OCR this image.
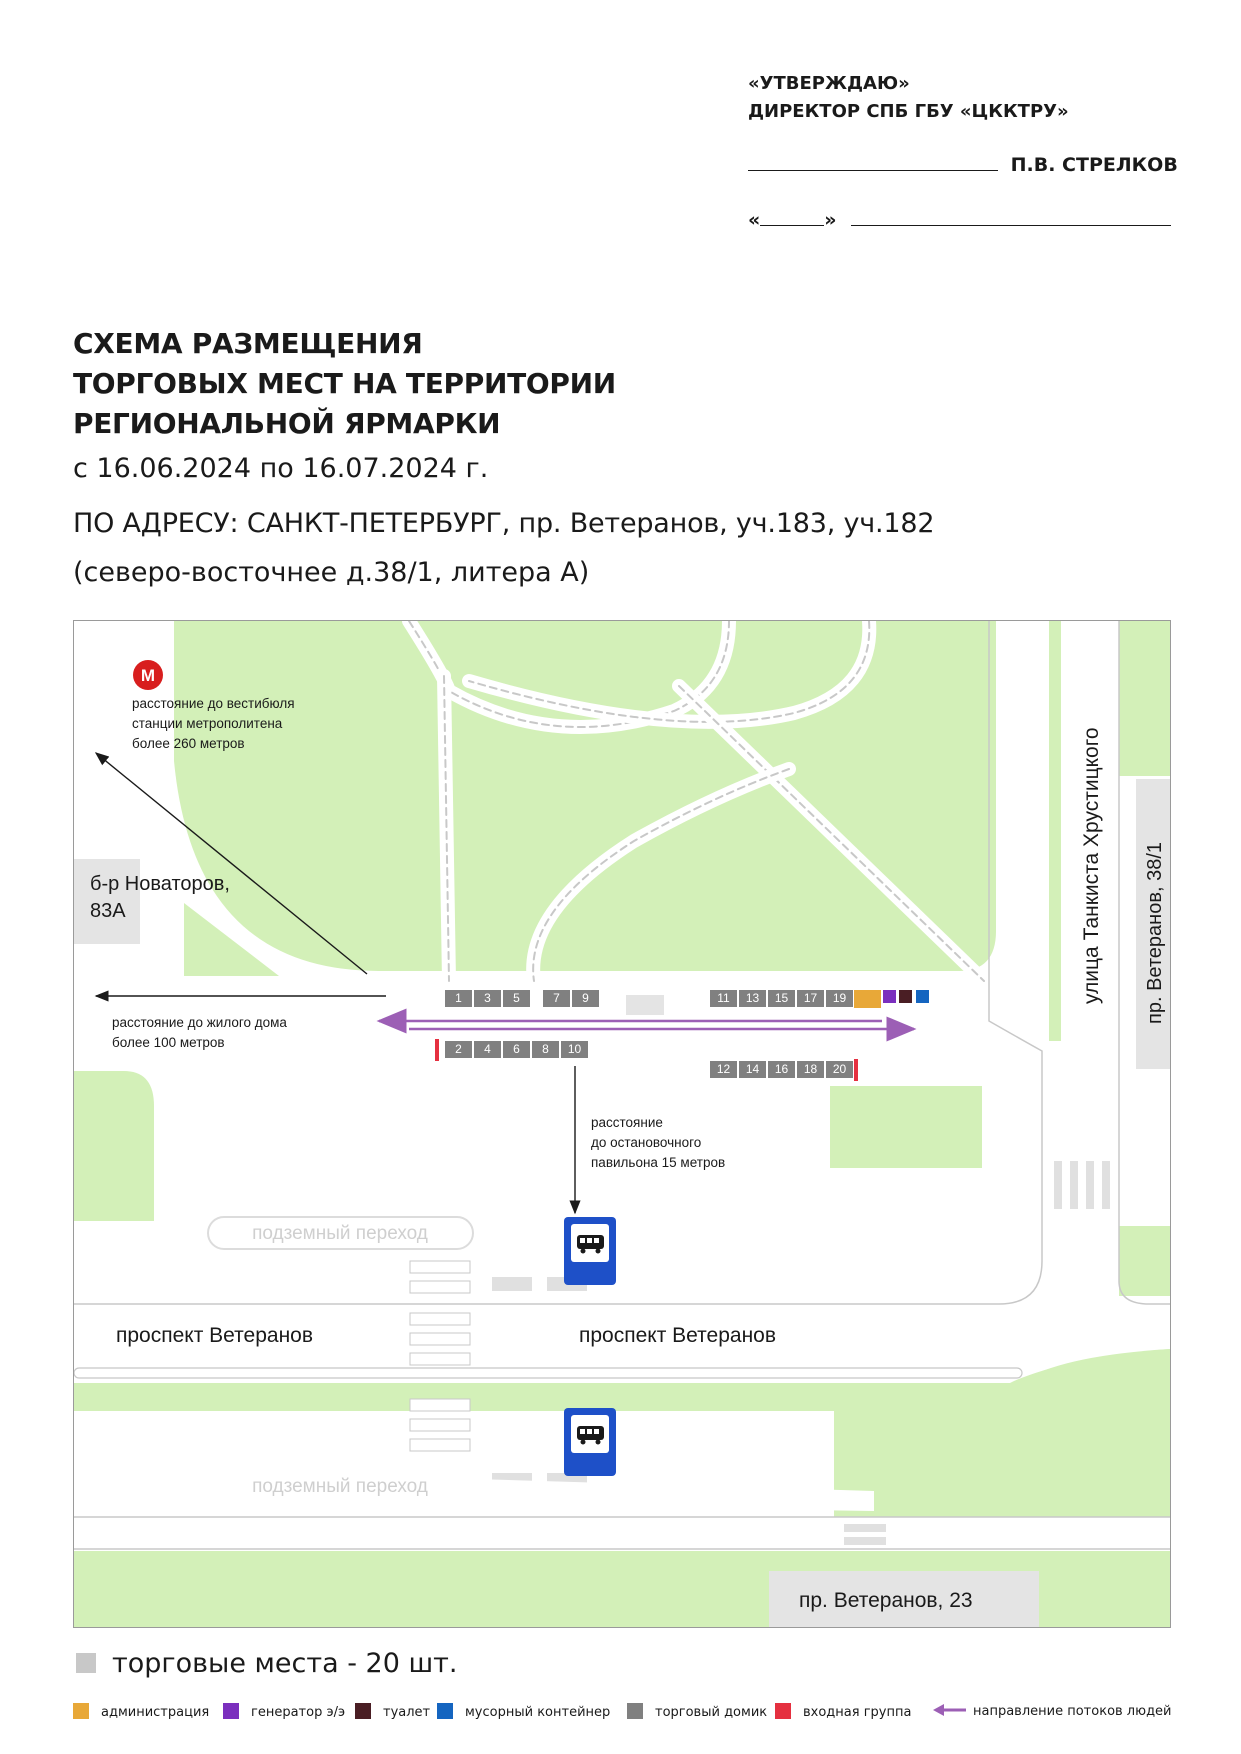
«УТВЕРЖДАЮ»
ДИРЕКТОР СПБ ГБУ «ЦККТРУ»
П.В. СТРЕЛКОВ
«	»
СХЕМА РАЗМЕЩЕНИЯ
ТОРГОВЫХ МЕСТ НА ТЕРРИТОРИИ
РЕГИОНАЛЬНОЙ ЯРМАРКИ
с 16.06.2024 по 16.07.2024 г.
ПО АДРЕСУ: САНКТ-ПЕТЕРБУРГ, пр. Ветеранов, уч.183, уч.182
(северо-восточнее д.38/1, литера А)
подземный переход
подземный переход
М
расстояние до вестибюля
станции метрополитена
более 260 метров
б-р Новаторов,
83А
расстояние до жилого дома
более 100 метров
расстояние
до остановочного
павильона 15 метров
проспект Ветеранов	проспект Ветеранов
улица Танкиста Хрустицкого пр. Ветеранов, 38/1
пр. Ветеранов, 23
1	3	5	7	9	11	13	15	17	19
2	4	6	8	10
12	14	16	18	20
торговые места - 20 шт.
администрация	генератор э/э	туалет	мусорный контейнер	торговый домик	входная группа	направление потоков людей
